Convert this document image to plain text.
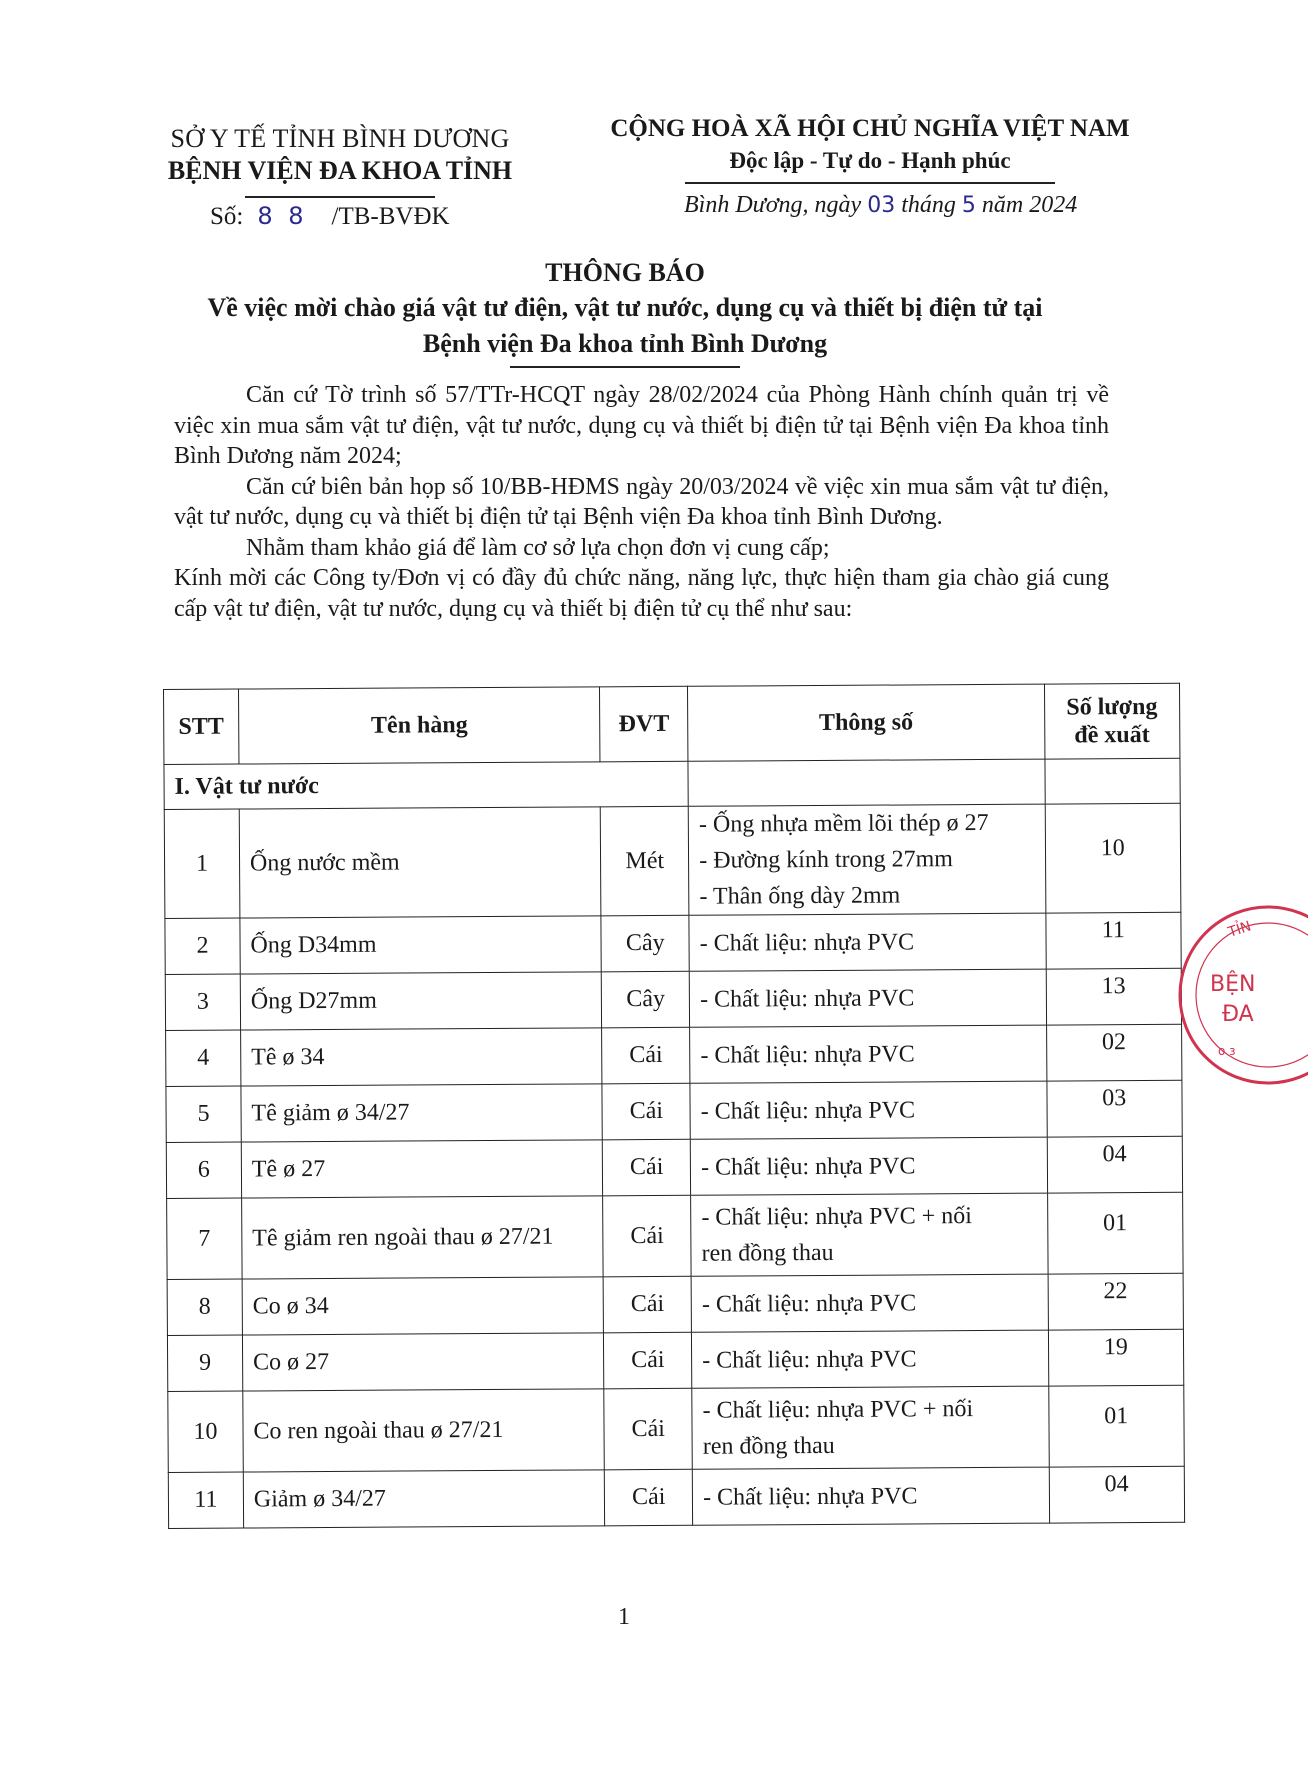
SỞ Y TẾ TỈNH BÌNH DƯƠNG
BỆNH VIỆN ĐA KHOA TỈNH
Số: 8 8 /TB-BVĐK
CỘNG HOÀ XÃ HỘI CHỦ NGHĨA VIỆT NAM
Độc lập - Tự do - Hạnh phúc
Bình Dương, ngày 03 tháng 5 năm 2024
THÔNG BÁO
Về việc mời chào giá vật tư điện, vật tư nước, dụng cụ và thiết bị điện tử tại
Bệnh viện Đa khoa tỉnh Bình Dương

Căn cứ Tờ trình số 57/TTr-HCQT ngày 28/02/2024 của Phòng Hành chính quản trị về việc xin mua sắm vật tư điện, vật tư nước, dụng cụ và thiết bị điện tử tại Bệnh viện Đa khoa tỉnh Bình Dương năm 2024;

Căn cứ biên bản họp số 10/BB-HĐMS ngày 20/03/2024 về việc xin mua sắm vật tư điện, vật tư nước, dụng cụ và thiết bị điện tử tại Bệnh viện Đa khoa tỉnh Bình Dương.

Nhằm tham khảo giá để làm cơ sở lựa chọn đơn vị cung cấp;

Kính mời các Công ty/Đơn vị có đầy đủ chức năng, năng lực, thực hiện tham gia chào giá cung cấp vật tư điện, vật tư nước, dụng cụ và thiết bị điện tử cụ thể như sau:

STT	Tên hàng	ĐVT	Thông số	Số lượng
đề xuất

I. Vật tư nước				
1	Ống nước mềm	Mét	- Ống nhựa mềm lõi thép ø 27
- Đường kính trong 27mm
- Thân ống dày 2mm	10
2	Ống D34mm	Cây	- Chất liệu: nhựa PVC	11
3	Ống D27mm	Cây	- Chất liệu: nhựa PVC	13
4	Tê ø 34	Cái	- Chất liệu: nhựa PVC	02
5	Tê giảm ø 34/27	Cái	- Chất liệu: nhựa PVC	03
6	Tê ø 27	Cái	- Chất liệu: nhựa PVC	04
7	Tê giảm ren ngoài thau ø 27/21	Cái	- Chất liệu: nhựa PVC + nối
ren đồng thau	01
8	Co ø 34	Cái	- Chất liệu: nhựa PVC	22
9	Co ø 27	Cái	- Chất liệu: nhựa PVC	19
10	Co ren ngoài thau ø 27/21	Cái	- Chất liệu: nhựa PVC + nối
ren đồng thau	01
11	Giảm ø 34/27	Cái	- Chất liệu: nhựa PVC	04
TỈN
BỆN
ĐA
o ɜ
1
